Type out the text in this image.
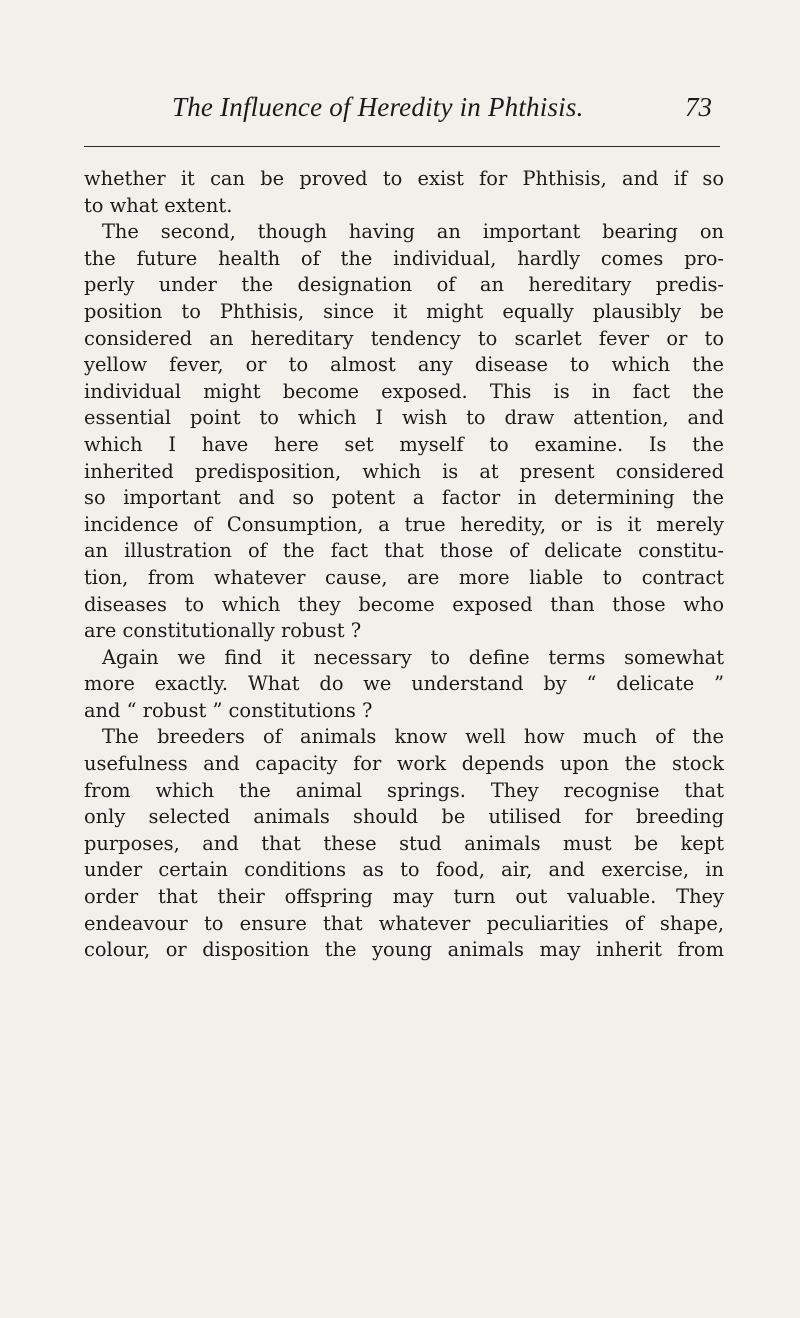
The Influence of Heredity in Phthisis.	73
whether it can be proved to exist for Phthisis, and if so
to what extent.
The second, though having an important bearing on
the future health of the individual, hardly comes pro-
perly under the designation of an hereditary predis-
position to Phthisis, since it might equally plausibly be
considered an hereditary tendency to scarlet fever or to
yellow fever, or to almost any disease to which the
individual might become exposed. This is in fact the
essential point to which I wish to draw attention, and
which I have here set myself to examine. Is the
inherited predisposition, which is at present considered
so important and so potent a factor in determining the
incidence of Consumption, a true heredity, or is it merely
an illustration of the fact that those of delicate constitu-
tion, from whatever cause, are more liable to contract
diseases to which they become exposed than those who
are constitutionally robust ?
Again we find it necessary to define terms somewhat
more exactly. What do we understand by “ delicate ”
and “ robust ” constitutions ?
The breeders of animals know well how much of the
usefulness and capacity for work depends upon the stock
from which the animal springs. They recognise that
only selected animals should be utilised for breeding
purposes, and that these stud animals must be kept
under certain conditions as to food, air, and exercise, in
order that their offspring may turn out valuable. They
endeavour to ensure that whatever peculiarities of shape,
colour, or disposition the young animals may inherit from
